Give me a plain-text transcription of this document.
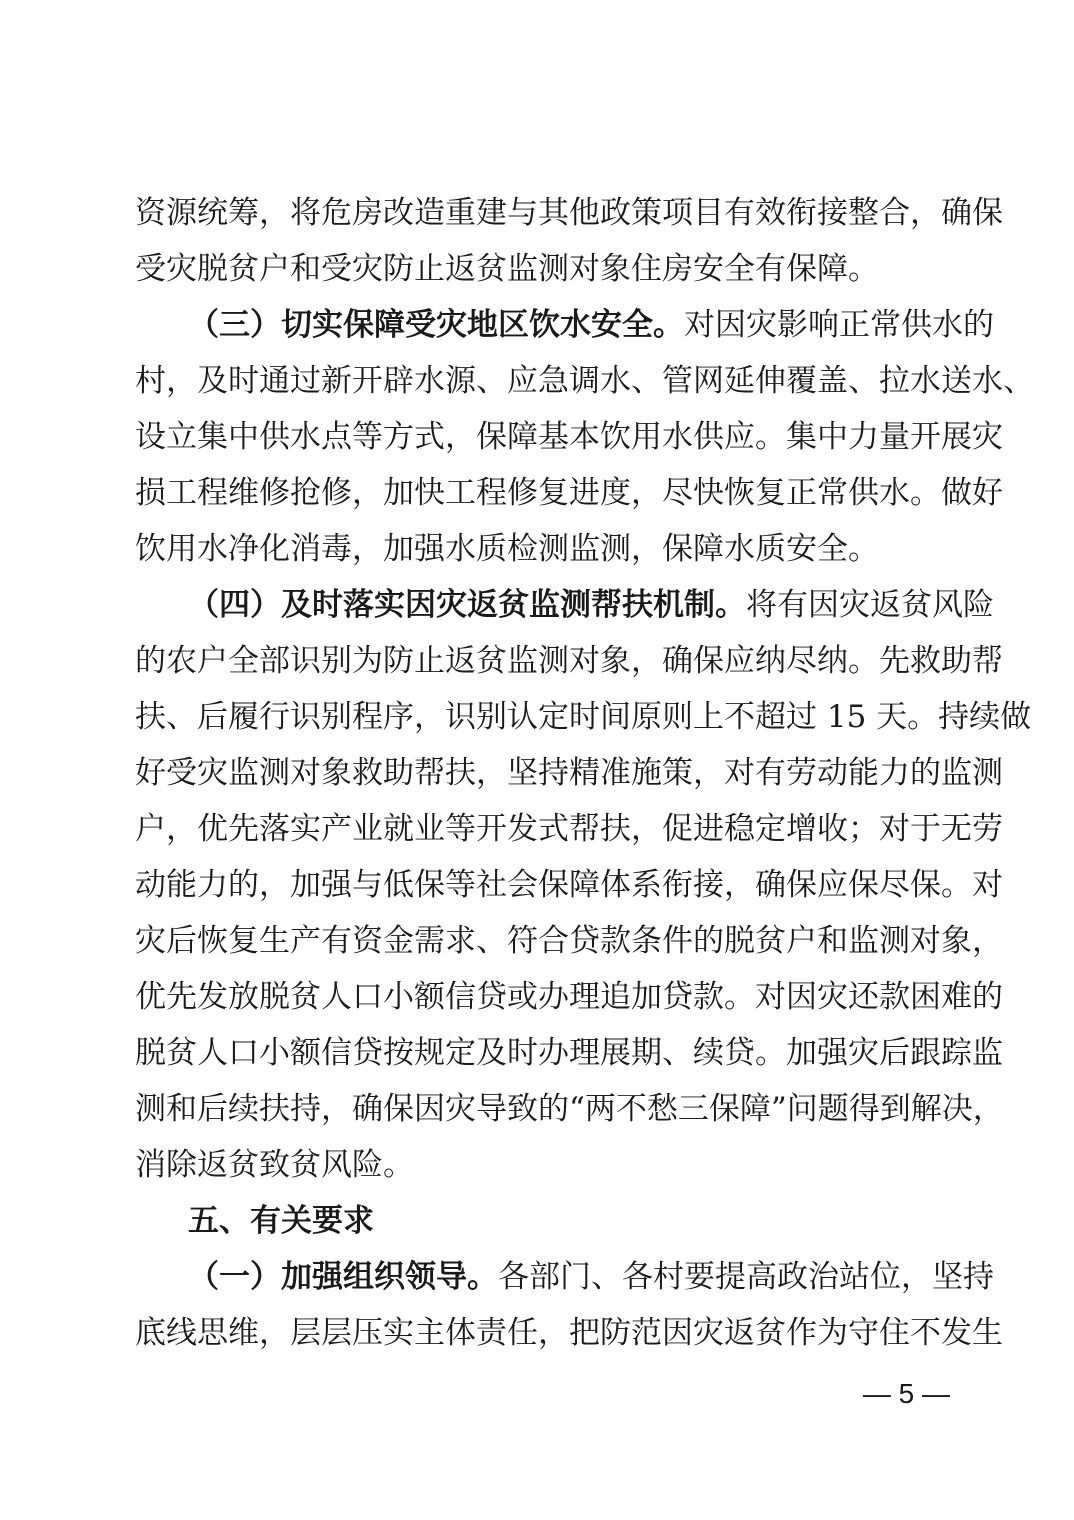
资源统筹，将危房改造重建与其他政策项目有效衔接整合，确保
受灾脱贫户和受灾防止返贫监测对象住房安全有保障。
（三）切实保障受灾地区饮水安全。对因灾影响正常供水的
村，及时通过新开辟水源、应急调水、管网延伸覆盖、拉水送水、
设立集中供水点等方式，保障基本饮用水供应。集中力量开展灾
损工程维修抢修，加快工程修复进度，尽快恢复正常供水。做好
饮用水净化消毒，加强水质检测监测，保障水质安全。
（四）及时落实因灾返贫监测帮扶机制。将有因灾返贫风险
的农户全部识别为防止返贫监测对象，确保应纳尽纳。先救助帮
扶、后履行识别程序，识别认定时间原则上不超过 15 天。持续做
好受灾监测对象救助帮扶，坚持精准施策，对有劳动能力的监测
户，优先落实产业就业等开发式帮扶，促进稳定增收；对于无劳
动能力的，加强与低保等社会保障体系衔接，确保应保尽保。对
灾后恢复生产有资金需求、符合贷款条件的脱贫户和监测对象，
优先发放脱贫人口小额信贷或办理追加贷款。对因灾还款困难的
脱贫人口小额信贷按规定及时办理展期、续贷。加强灾后跟踪监
测和后续扶持，确保因灾导致的“两不愁三保障”问题得到解决，
消除返贫致贫风险。
五、有关要求
（一）加强组织领导。各部门、各村要提高政治站位，坚持
底线思维，层层压实主体责任，把防范因灾返贫作为守住不发生
— 5 —
